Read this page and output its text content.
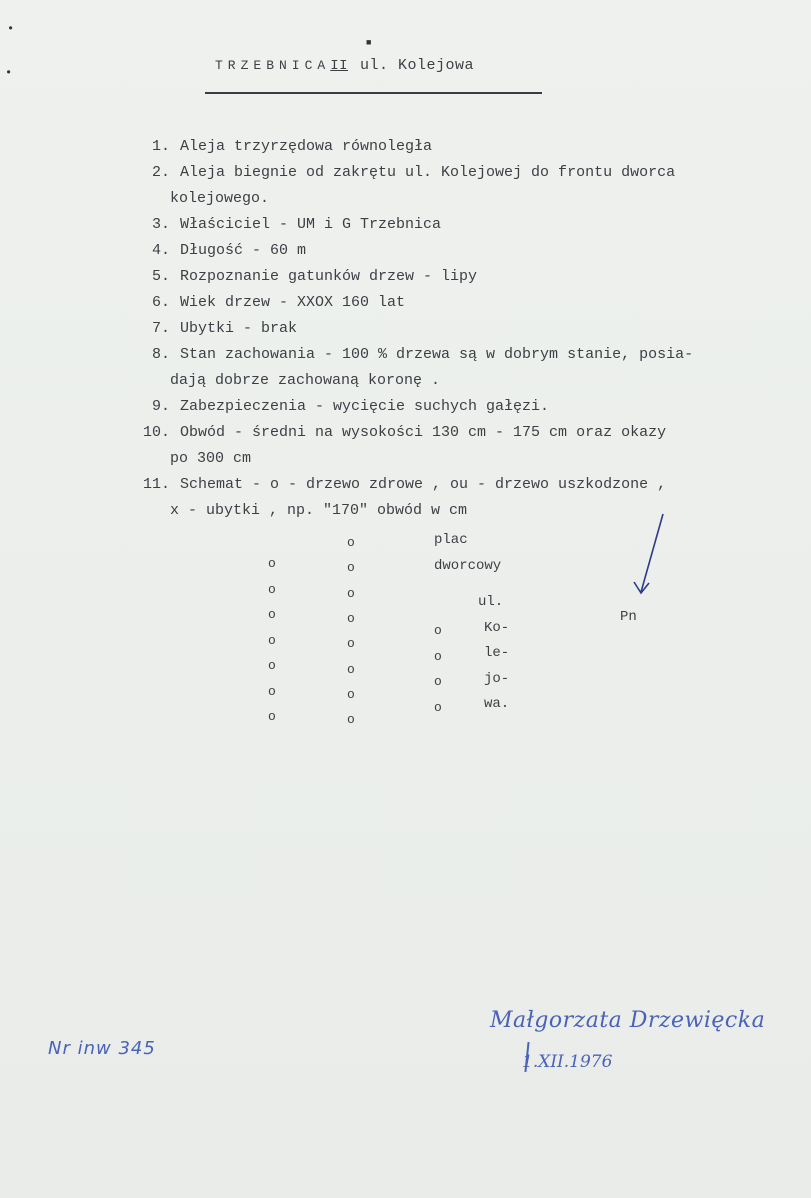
•
•
■
TRZEBNICAII ul. Kolejowa
1. Aleja trzyrzędowa równoległa
2. Aleja biegnie od zakrętu ul. Kolejowej do frontu dworca
kolejowego.
3. Właściciel - UM i G Trzebnica
4. Długość - 60 m
5. Rozpoznanie gatunków drzew - lipy
6. Wiek drzew - XXOX 160 lat
7. Ubytki - brak
8. Stan zachowania - 100 % drzewa są w dobrym stanie, posia-
dają dobrze zachowaną koronę .
9. Zabezpieczenia - wycięcie suchych gałęzi.
10. Obwód - średni na wysokości 130 cm - 175 cm oraz okazy
po 300 cm
11. Schemat - o - drzewo zdrowe , ou - drzewo uszkodzone ,
x - ubytki , np. "170" obwód w cm
o
o
o
o
o
o
o
o
o
o
o
o
o
o
o
o
o
o
o
plac
dworcowy
ul.
Ko-
le-
jo-
wa.
Pn
Małgorzata Drzewięcka
1.XII.1976
Nr inw 345
